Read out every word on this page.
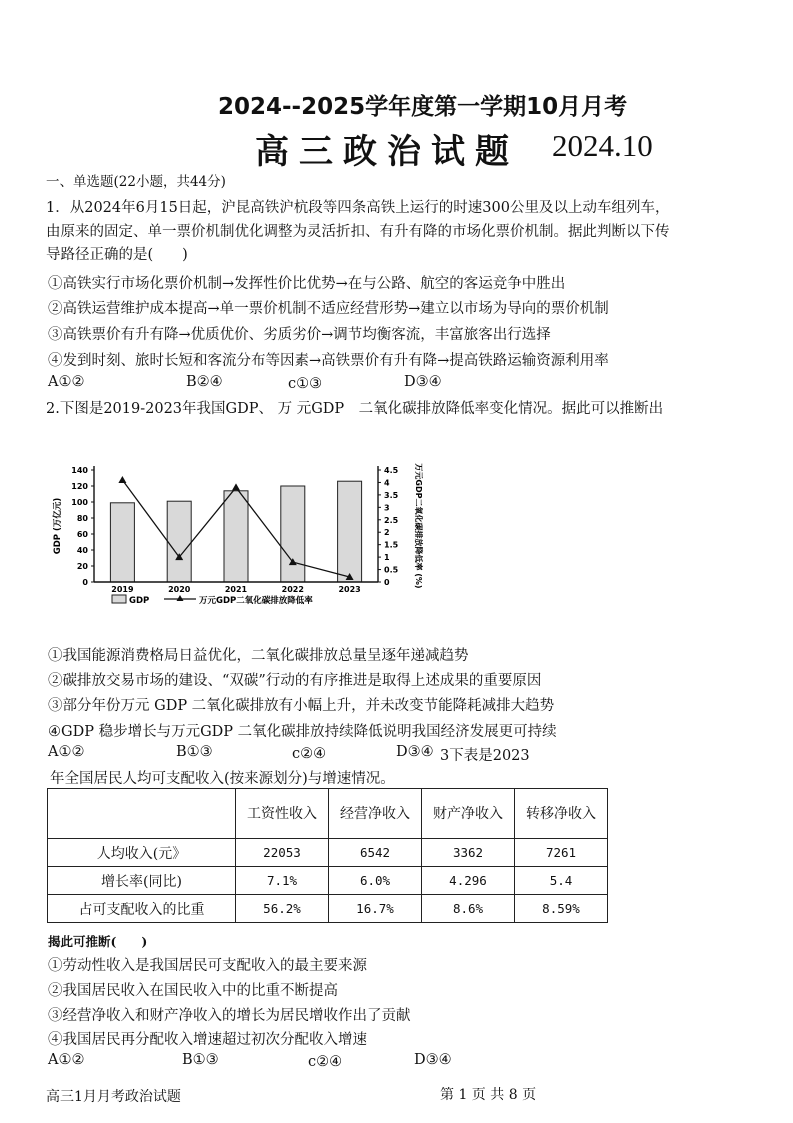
2024--2025学年度第一学期10月月考
高三政治试题 2024.10
一、单选题(22小题，共44分)
1．从2024年6月15日起，沪昆高铁沪杭段等四条高铁上运行的时速300公里及以上动车组列车，
由原来的固定、单一票价机制优化调整为灵活折扣、有升有降的市场化票价机制。据此判断以下传
导路径正确的是(　　)
①高铁实行市场化票价机制→发挥性价比优势→在与公路、航空的客运竞争中胜出
②高铁运营维护成本提高→单一票价机制不适应经营形势→建立以市场为导向的票价机制
③高铁票价有升有降→优质优价、劣质劣价→调节均衡客流，丰富旅客出行选择
④发到时刻、旅时长短和客流分布等因素→高铁票价有升有降→提高铁路运输资源利用率
A①②	B②④	c①③	D③④
2.下图是2019-2023年我国GDP、 万 元GDP　二氧化碳排放降低率变化情况。据此可以推断出
140
120
100
80
60
40
20
0
4.5
4
3.5
3
2.5
2
1.5
1
0.5
0
2019	2020	2021	2022	2023
GDP (万亿元)	万元GDP二氧化碳排放降低率 (%)
GDP	万元GDP二氧化碳排放降低率
①我国能源消费格局日益优化，二氧化碳排放总量呈逐年递减趋势
②碳排放交易市场的建设、“双碳”行动的有序推进是取得上述成果的重要原因
③部分年份万元 GDP 二氧化碳排放有小幅上升，并未改变节能降耗减排大趋势
④GDP 稳步增长与万元GDP 二氧化碳排放持续降低说明我国经济发展更可持续
A①②	B①③	c②④	D③④ 3下表是2023
年全国居民人均可支配收入(按来源划分)与增速情况。
	工资性收入	经营净收入	财产净收入	转移净收入
人均收入(元》	22053	6542	3362	7261
增长率(同比)	7.1%	6.0%	4.296	5.4
占可支配收入的比重	56.2%	16.7%	8.6%	8.59%
揭此可推断(　　)
①劳动性收入是我国居民可支配收入的最主要来源
②我国居民收入在国民收入中的比重不断提高
③经营净收入和财产净收入的增长为居民增收作出了贡献
④我国居民再分配收入增速超过初次分配收入增速
A①②	B①③	c②④	D③④
高三1月月考政治试题	第 1 页 共 8 页
